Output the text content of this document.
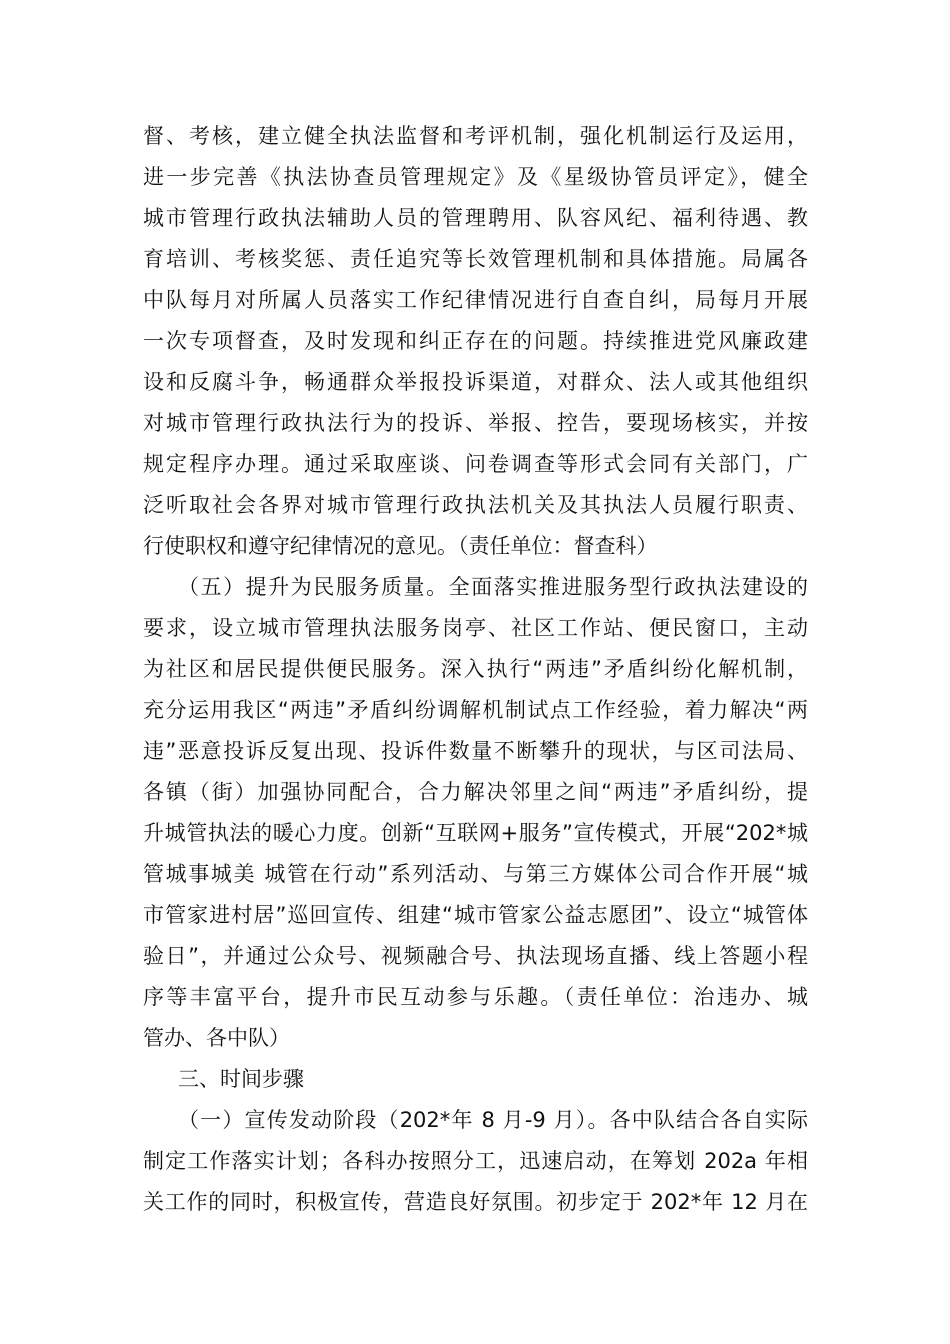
督、考核，建立健全执法监督和考评机制，强化机制运行及运用，
进一步完善《执法协查员管理规定》及《星级协管员评定》，健全
城市管理行政执法辅助人员的管理聘用、队容风纪、福利待遇、教
育培训、考核奖惩、责任追究等长效管理机制和具体措施。局属各
中队每月对所属人员落实工作纪律情况进行自查自纠，局每月开展
一次专项督查，及时发现和纠正存在的问题。持续推进党风廉政建
设和反腐斗争，畅通群众举报投诉渠道，对群众、法人或其他组织
对城市管理行政执法行为的投诉、举报、控告，要现场核实，并按
规定程序办理。通过采取座谈、问卷调查等形式会同有关部门，广
泛听取社会各界对城市管理行政执法机关及其执法人员履行职责、
行使职权和遵守纪律情况的意见。（责任单位：督查科）
（五）提升为民服务质量。全面落实推进服务型行政执法建设的
要求，设立城市管理执法服务岗亭、社区工作站、便民窗口，主动
为社区和居民提供便民服务。深入执行“两违”矛盾纠纷化解机制，
充分运用我区“两违”矛盾纠纷调解机制试点工作经验，着力解决“两
违”恶意投诉反复出现、投诉件数量不断攀升的现状，与区司法局、
各镇（街）加强协同配合，合力解决邻里之间“两违”矛盾纠纷，提
升城管执法的暖心力度。创新“互联网+服务”宣传模式，开展“202*城
管城事城美 城管在行动”系列活动、与第三方媒体公司合作开展“城
市管家进村居”巡回宣传、组建“城市管家公益志愿团”、设立“城管体
验日”，并通过公众号、视频融合号、执法现场直播、线上答题小程
序等丰富平台，提升市民互动参与乐趣。（责任单位：治违办、城
管办、各中队）
三、时间步骤
（一）宣传发动阶段（202*年 8 月-9 月）。各中队结合各自实际
制定工作落实计划；各科办按照分工，迅速启动，在筹划 202a 年相
关工作的同时，积极宣传，营造良好氛围。初步定于 202*年 12 月在
